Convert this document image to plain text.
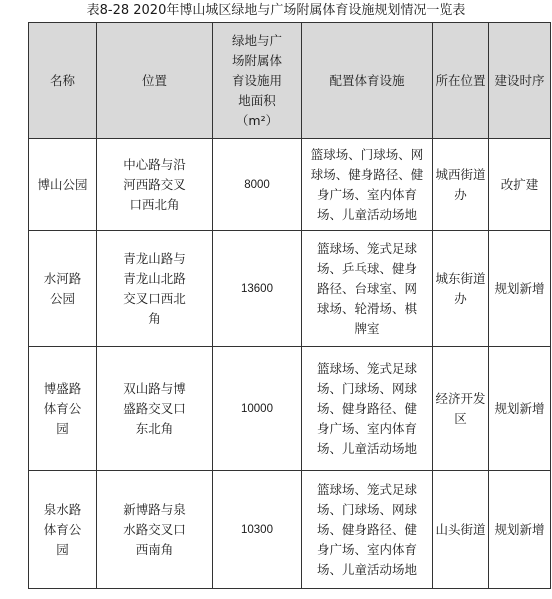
表8-28 2020年博山城区绿地与广场附属体育设施规划情况一览表
名称	位置	绿地与广
场附属体
育设施用
地面积
（m²）	配置体育设施	所在位置	建设时序
博山公园	中心路与沿
河西路交叉
口西北角	8000	篮球场、门球场、网
球场、健身路径、健
身广场、室内体育
场、儿童活动场地	城西街道
办	改扩建
水河路
公园	青龙山路与
青龙山北路
交叉口西北
角	13600	篮球场、笼式足球
场、乒乓球、健身
路径、台球室、网
球场、轮滑场、棋
牌室	城东街道
办	规划新增
博盛路
体育公
园	双山路与博
盛路交叉口
东北角	10000	篮球场、笼式足球
场、门球场、网球
场、健身路径、健
身广场、室内体育
场、儿童活动场地	经济开发
区	规划新增
泉水路
体育公
园	新博路与泉
水路交叉口
西南角	10300	篮球场、笼式足球
场、门球场、网球
场、健身路径、健
身广场、室内体育
场、儿童活动场地	山头街道	规划新增
